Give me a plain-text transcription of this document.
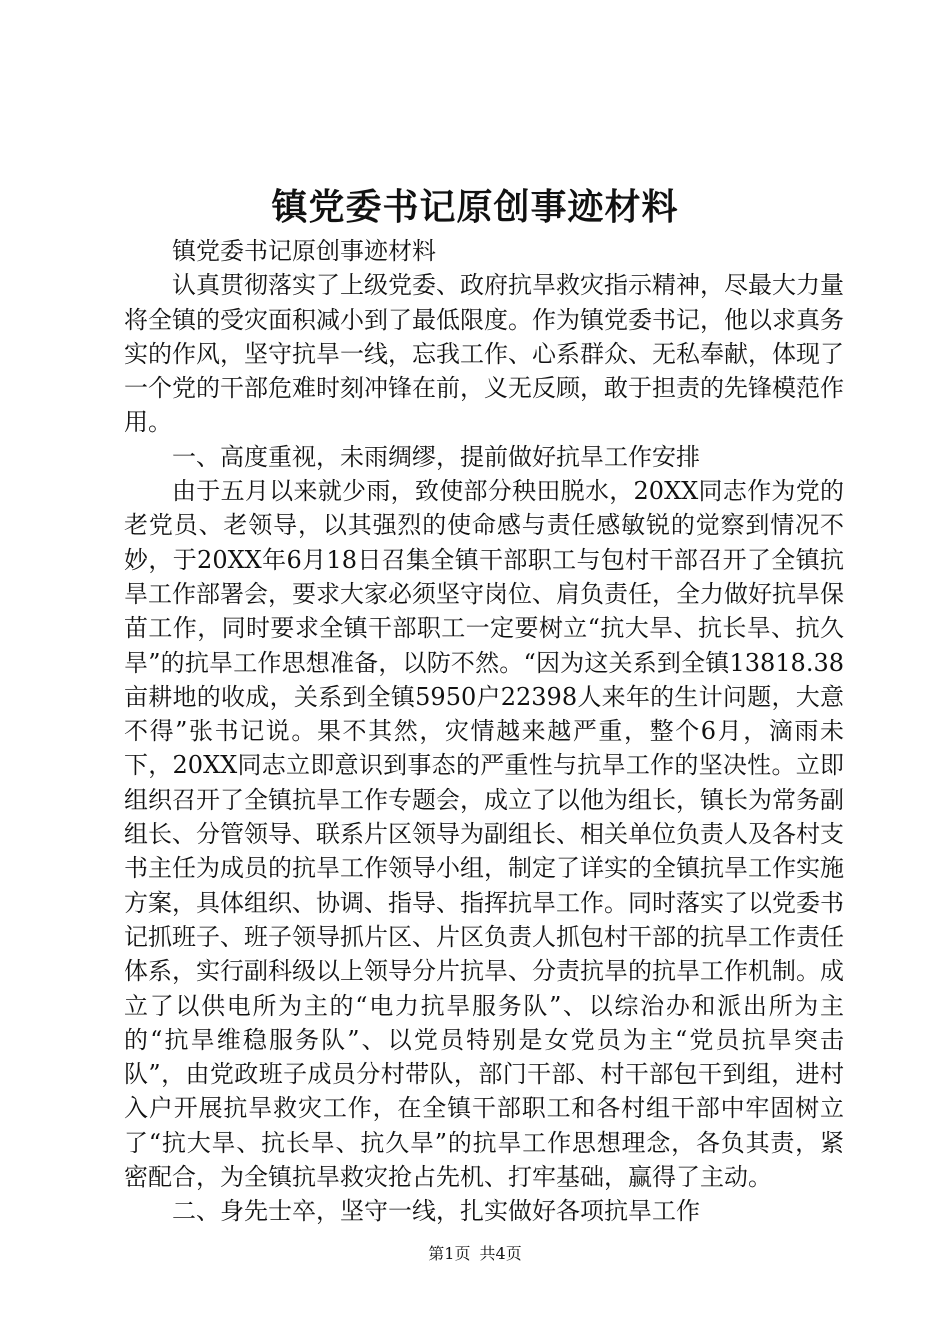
镇党委书记原创事迹材料

镇党委书记原创事迹材料

认真贯彻落实了上级党委、政府抗旱救灾指示精神，尽最大力量将全镇的受灾面积减小到了最低限度。作为镇党委书记，他以求真务实的作风，坚守抗旱一线，忘我工作、心系群众、无私奉献，体现了一个党的干部危难时刻冲锋在前，义无反顾，敢于担责的先锋模范作用。

一、高度重视，未雨绸缪，提前做好抗旱工作安排

由于五月以来就少雨，致使部分秧田脱水，20XX同志作为党的老党员、老领导，以其强烈的使命感与责任感敏锐的觉察到情况不妙，于20XX年6月18日召集全镇干部职工与包村干部召开了全镇抗旱工作部署会，要求大家必须坚守岗位、肩负责任，全力做好抗旱保苗工作，同时要求全镇干部职工一定要树立“抗大旱、抗长旱、抗久旱”的抗旱工作思想准备，以防不然。“因为这关系到全镇13818.38亩耕地的收成，关系到全镇5950户22398人来年的生计问题，大意不得”张书记说。果不其然，灾情越来越严重，整个6月，滴雨未下，20XX同志立即意识到事态的严重性与抗旱工作的坚决性。立即组织召开了全镇抗旱工作专题会，成立了以他为组长，镇长为常务副组长、分管领导、联系片区领导为副组长、相关单位负责人及各村支书主任为成员的抗旱工作领导小组，制定了详实的全镇抗旱工作实施方案，具体组织、协调、指导、指挥抗旱工作。同时落实了以党委书记抓班子、班子领导抓片区、片区负责人抓包村干部的抗旱工作责任体系，实行副科级以上领导分片抗旱、分责抗旱的抗旱工作机制。成立了以供电所为主的“电力抗旱服务队”、以综治办和派出所为主的“抗旱维稳服务队”、以党员特别是女党员为主“党员抗旱突击队”，由党政班子成员分村带队，部门干部、村干部包干到组，进村入户开展抗旱救灾工作，在全镇干部职工和各村组干部中牢固树立了“抗大旱、抗长旱、抗久旱”的抗旱工作思想理念，各负其责，紧密配合，为全镇抗旱救灾抢占先机、打牢基础，赢得了主动。

二、身先士卒，坚守一线，扎实做好各项抗旱工作

第1页 共4页
